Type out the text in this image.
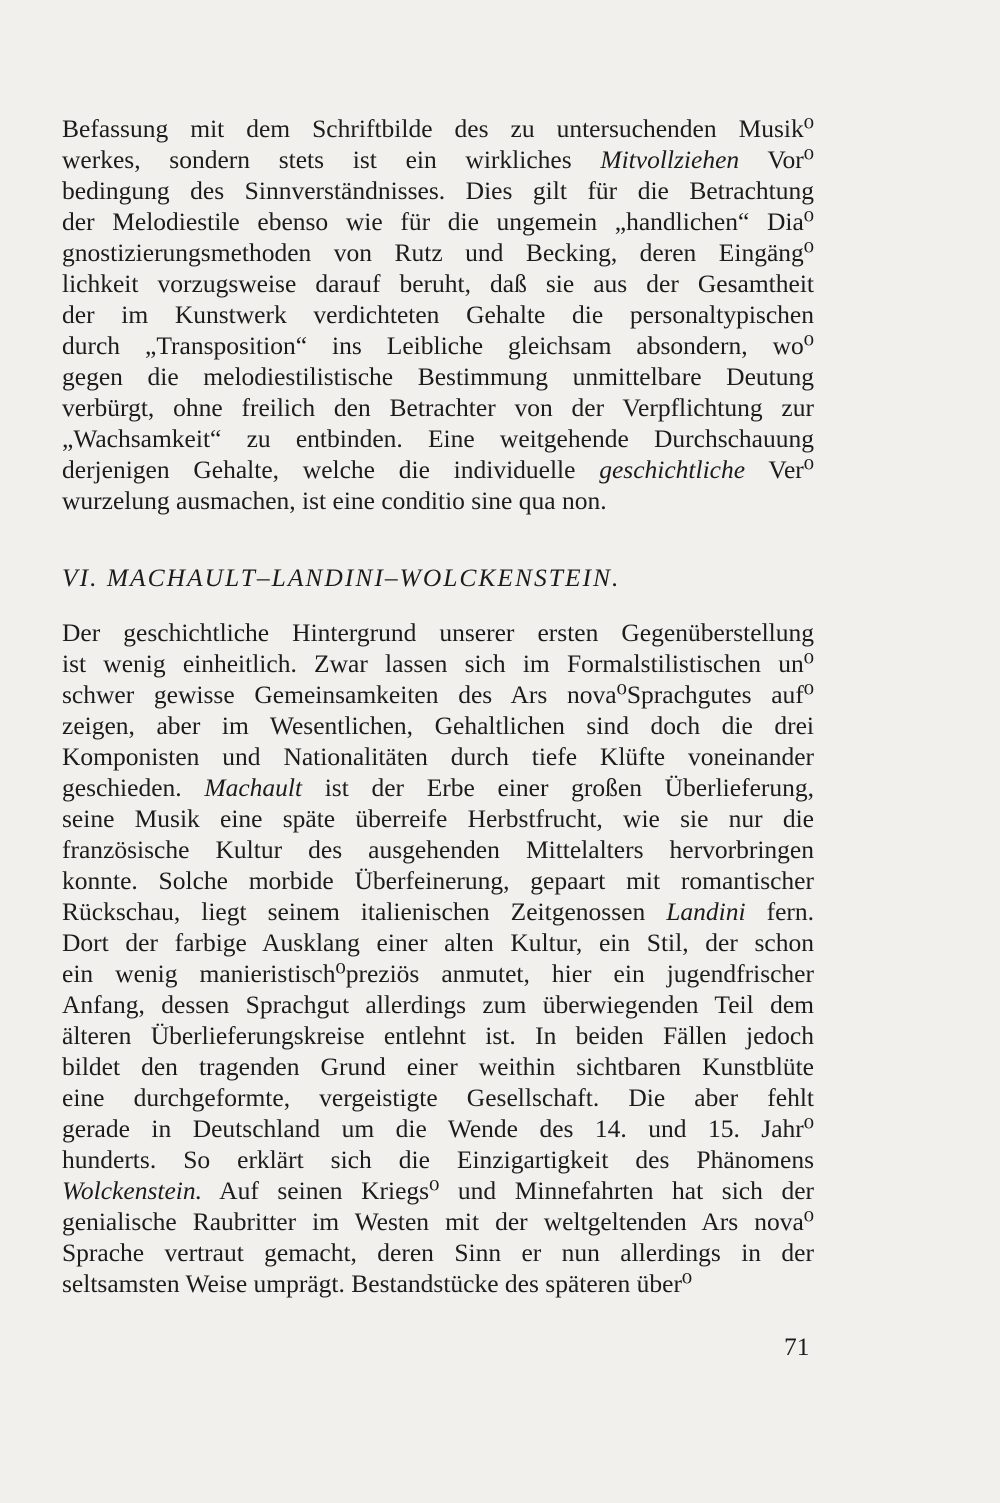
Befassung mit dem Schriftbilde des zu untersuchenden Musik⁰
werkes, sondern stets ist ein wirkliches Mitvollziehen Vor⁰
bedingung des Sinnverständnisses. Dies gilt für die Betrachtung
der Melodiestile ebenso wie für die ungemein „handlichen“ Dia⁰
gnostizierungsmethoden von Rutz und Becking, deren Eingäng⁰
lichkeit vorzugsweise darauf beruht, daß sie aus der Gesamtheit
der im Kunstwerk verdichteten Gehalte die personaltypischen
durch „Transposition“ ins Leibliche gleichsam absondern, wo⁰
gegen die melodiestilistische Bestimmung unmittelbare Deutung
verbürgt, ohne freilich den Betrachter von der Verpflichtung zur
„Wachsamkeit“ zu entbinden. Eine weitgehende Durchschauung
derjenigen Gehalte, welche die individuelle geschichtliche Ver⁰
wurzelung ausmachen, ist eine conditio sine qua non.
VI. MACHAULT–LANDINI–WOLCKENSTEIN.
Der geschichtliche Hintergrund unserer ersten Gegenüberstellung
ist wenig einheitlich. Zwar lassen sich im Formalstilistischen un⁰
schwer gewisse Gemeinsamkeiten des Ars nova⁰Sprachgutes auf⁰
zeigen, aber im Wesentlichen, Gehaltlichen sind doch die drei
Komponisten und Nationalitäten durch tiefe Klüfte voneinander
geschieden. Machault ist der Erbe einer großen Überlieferung,
seine Musik eine späte überreife Herbstfrucht, wie sie nur die
französische Kultur des ausgehenden Mittelalters hervorbringen
konnte. Solche morbide Überfeinerung, gepaart mit romantischer
Rückschau, liegt seinem italienischen Zeitgenossen Landini fern.
Dort der farbige Ausklang einer alten Kultur, ein Stil, der schon
ein wenig manieristisch⁰preziös anmutet, hier ein jugendfrischer
Anfang, dessen Sprachgut allerdings zum überwiegenden Teil dem
älteren Überlieferungskreise entlehnt ist. In beiden Fällen jedoch
bildet den tragenden Grund einer weithin sichtbaren Kunstblüte
eine durchgeformte, vergeistigte Gesellschaft. Die aber fehlt
gerade in Deutschland um die Wende des 14. und 15. Jahr⁰
hunderts. So erklärt sich die Einzigartigkeit des Phänomens
Wolckenstein. Auf seinen Kriegs⁰ und Minnefahrten hat sich der
genialische Raubritter im Westen mit der weltgeltenden Ars nova⁰
Sprache vertraut gemacht, deren Sinn er nun allerdings in der
seltsamsten Weise umprägt. Bestandstücke des späteren über⁰
71
